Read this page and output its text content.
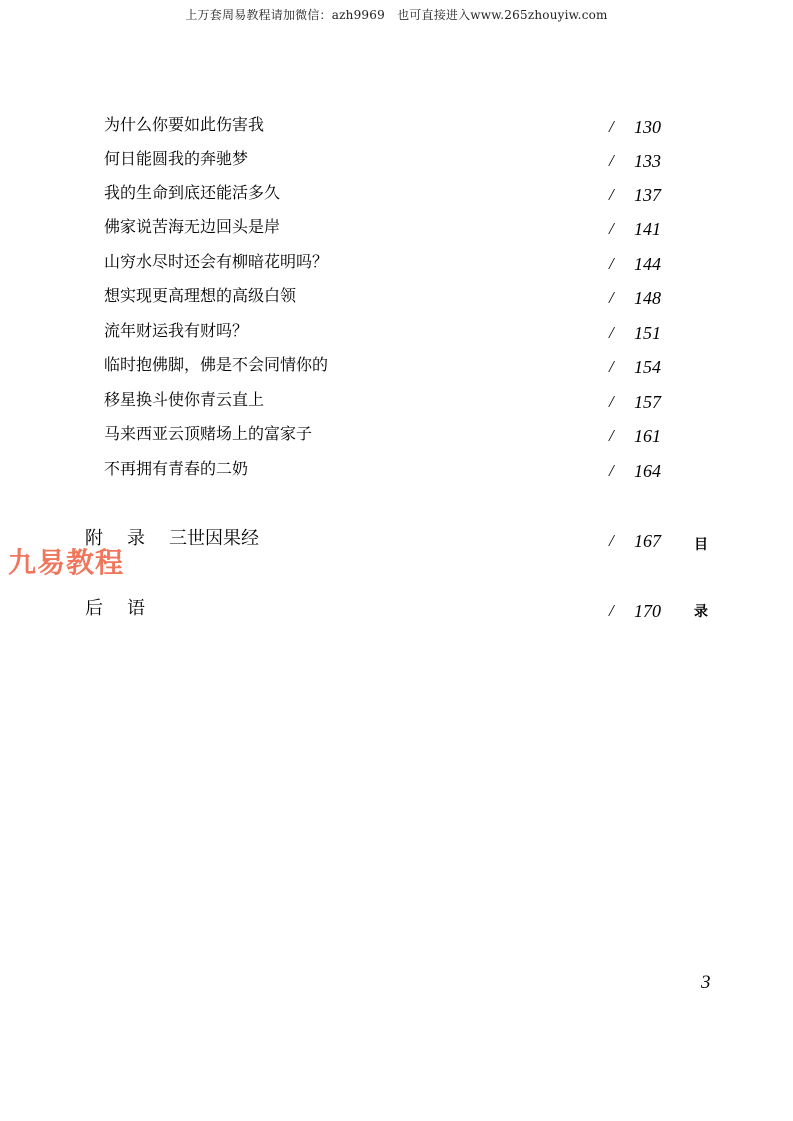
上万套周易教程请加微信：azh9969　也可直接进入www.265zhouyiw.com
为什么你要如此伤害我	/ 130
何日能圆我的奔驰梦	/ 133
我的生命到底还能活多久	/ 137
佛家说苦海无边回头是岸	/ 141
山穷水尽时还会有柳暗花明吗？	/ 144
想实现更高理想的高级白领	/ 148
流年财运我有财吗？	/ 151
临时抱佛脚，佛是不会同情你的	/ 154
移星换斗使你青云直上	/ 157
马来西亚云顶赌场上的富家子	/ 161
不再拥有青春的二奶	/ 164
附录三世因果经	/ 167
后语	/ 170
目
录
九易教程
3
